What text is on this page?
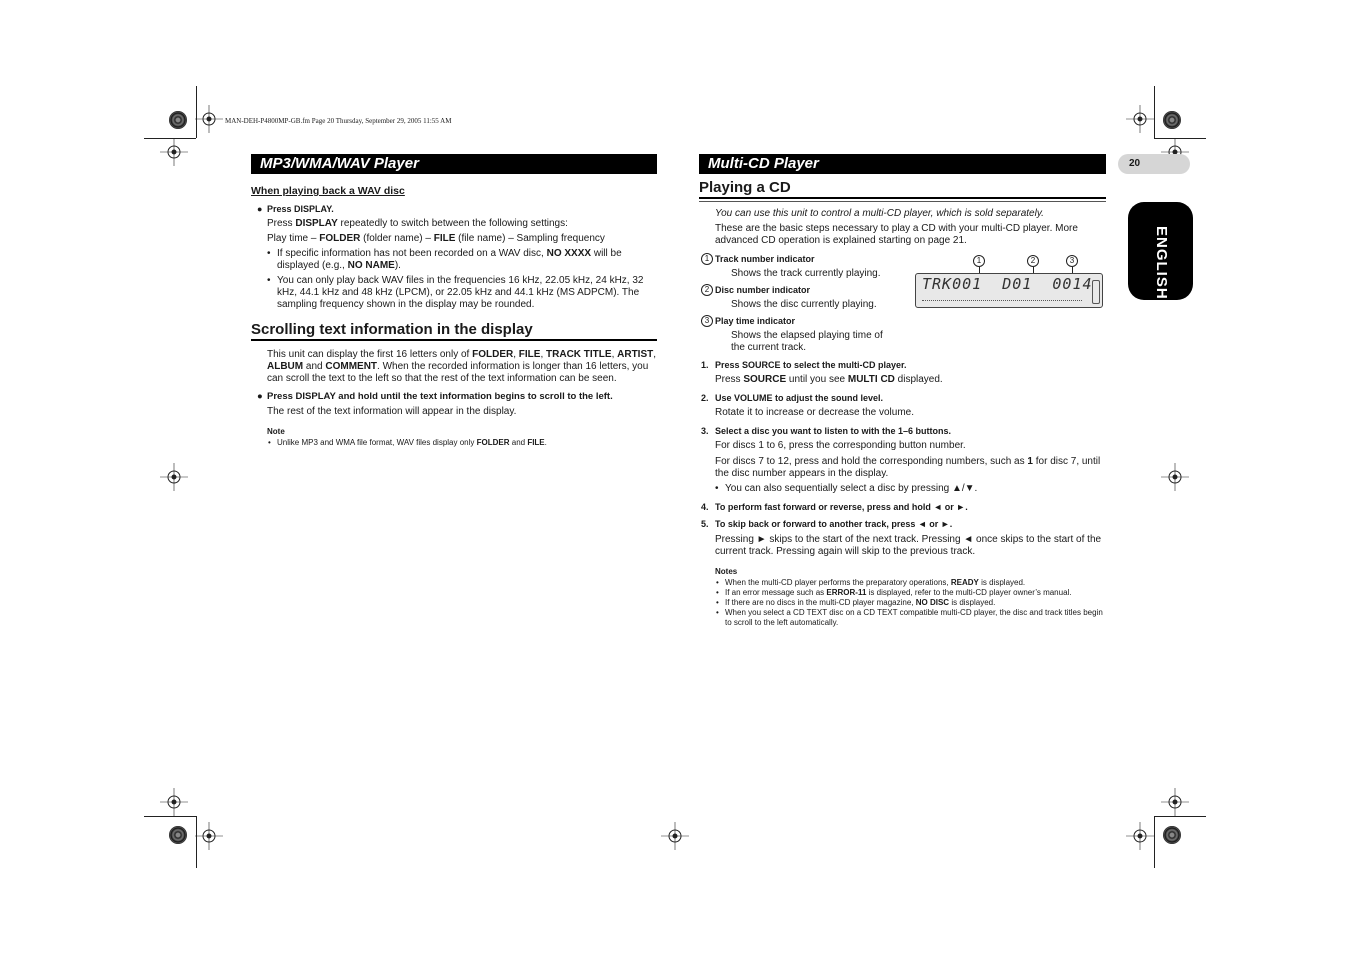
MAN-DEH-P4800MP-GB.fm Page 20 Thursday, September 29, 2005 11:55 AM
20
ENGLISH
MP3/WMA/WAV Player
When playing back a WAV disc
● Press DISPLAY.

Press DISPLAY repeatedly to switch between the following settings:

Play time – FOLDER (folder name) – FILE (file name) – Sampling frequency

• If specific information has not been recorded on a WAV disc, NO XXXX will be displayed (e.g., NO NAME).
• You can only play back WAV files in the frequencies 16 kHz, 22.05 kHz, 24 kHz, 32 kHz, 44.1 kHz and 48 kHz (LPCM), or 22.05 kHz and 44.1 kHz (MS ADPCM). The sampling frequency shown in the display may be rounded.
Scrolling text information in the display

This unit can display the first 16 letters only of FOLDER, FILE, TRACK TITLE, ARTIST, ALBUM and COMMENT. When the recorded information is longer than 16 letters, you can scroll the text to the left so that the rest of the text information can be seen.

● Press DISPLAY and hold until the text information begins to scroll to the left.

The rest of the text information will appear in the display.

Note
• Unlike MP3 and WMA file format, WAV files display only FOLDER and FILE.
Multi-CD Player
Playing a CD

You can use this unit to control a multi-CD player, which is sold separately.

These are the basic steps necessary to play a CD with your multi-CD player. More advanced CD operation is explained starting on page 21.

1 Track number indicator

Shows the track currently playing.

2 Disc number indicator

Shows the disc currently playing.

3 Play time indicator

Shows the elapsed playing time of the current track.

1	2	3
TRK001  D01  0014
1. Press SOURCE to select the multi-CD player.

Press SOURCE until you see MULTI CD displayed.

2. Use VOLUME to adjust the sound level.

Rotate it to increase or decrease the volume.

3. Select a disc you want to listen to with the 1–6 buttons.

For discs 1 to 6, press the corresponding button number.

For discs 7 to 12, press and hold the corresponding numbers, such as 1 for disc 7, until the disc number appears in the display.

• You can also sequentially select a disc by pressing ▲/▼.
4. To perform fast forward or reverse, press and hold ◄ or ►.
5. To skip back or forward to another track, press ◄ or ►.

Pressing ► skips to the start of the next track. Pressing ◄ once skips to the start of the current track. Pressing again will skip to the previous track.

Notes
• When the multi-CD player performs the preparatory operations, READY is displayed.
• If an error message such as ERROR-11 is displayed, refer to the multi-CD player owner’s manual.
• If there are no discs in the multi-CD player magazine, NO DISC is displayed.
• When you select a CD TEXT disc on a CD TEXT compatible multi-CD player, the disc and track titles begin to scroll to the left automatically.
